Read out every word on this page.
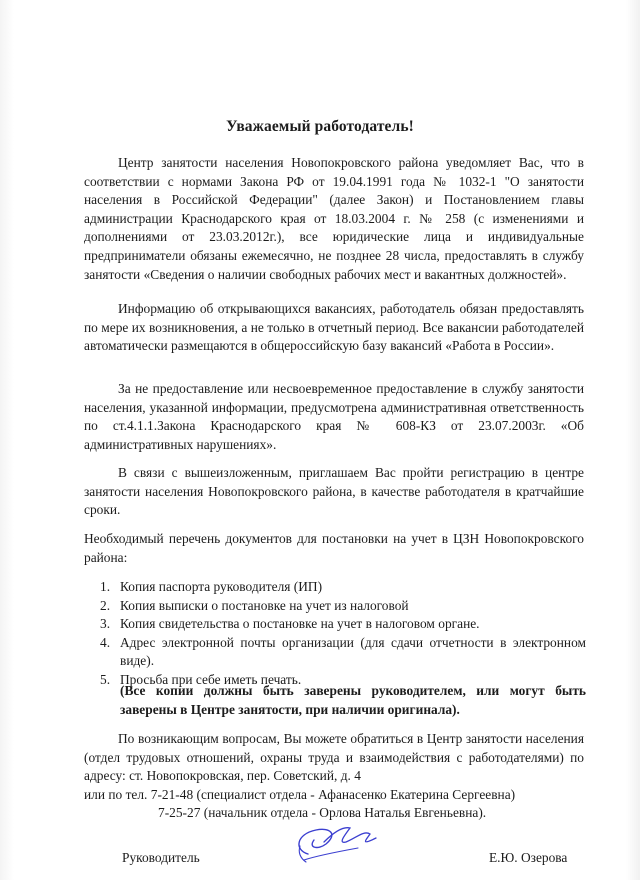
Уважаемый работодатель!

Центр занятости населения Новопокровского района уведомляет Вас, что в соответствии с нормами Закона РФ от 19.04.1991 года № 1032-1 "О занятости населения в Российской Федерации" (далее Закон) и Постановлением главы администрации Краснодарского края от 18.03.2004 г. № 258 (с изменениями и дополнениями от 23.03.2012г.), все юридические лица и индивидуальные предприниматели обязаны ежемесячно, не позднее 28 числа, предоставлять в службу занятости «Сведения о наличии свободных рабочих мест и вакантных должностей».

Информацию об открывающихся вакансиях, работодатель обязан предоставлять по мере их возникновения, а не только в отчетный период. Все вакансии работодателей автоматически размещаются в общероссийскую базу вакансий «Работа в России».

За не предоставление или несвоевременное предоставление в службу занятости населения, указанной информации, предусмотрена административная ответственность по ст.4.1.1.Закона Краснодарского края № 608-КЗ от 23.07.2003г. «Об административных нарушениях».

В связи с вышеизложенным, приглашаем Вас пройти регистрацию в центре занятости населения Новопокровского района, в качестве работодателя в кратчайшие сроки.

Необходимый перечень документов для постановки на учет в ЦЗН Новопокровского района:

1. Копия паспорта руководителя (ИП)
2. Копия выписки о постановке на учет из налоговой
3. Копия свидетельства о постановке на учет в налоговом органе.
4. Адрес электронной почты организации (для сдачи отчетности в электронном виде).
5. Просьба при себе иметь печать.

(Все копии должны быть заверены руководителем, или могут быть заверены в Центре занятости, при наличии оригинала).

По возникающим вопросам, Вы можете обратиться в Центр занятости населения (отдел трудовых отношений, охраны труда и взаимодействия с работодателями) по адресу: ст. Новопокровская, пер. Советский, д. 4
или по тел. 7-21-48 (специалист отдела - Афанасенко Екатерина Сергеевна)
7-25-27 (начальник отдела - Орлова Наталья Евгеньевна).
Руководитель	Е.Ю. Озерова
